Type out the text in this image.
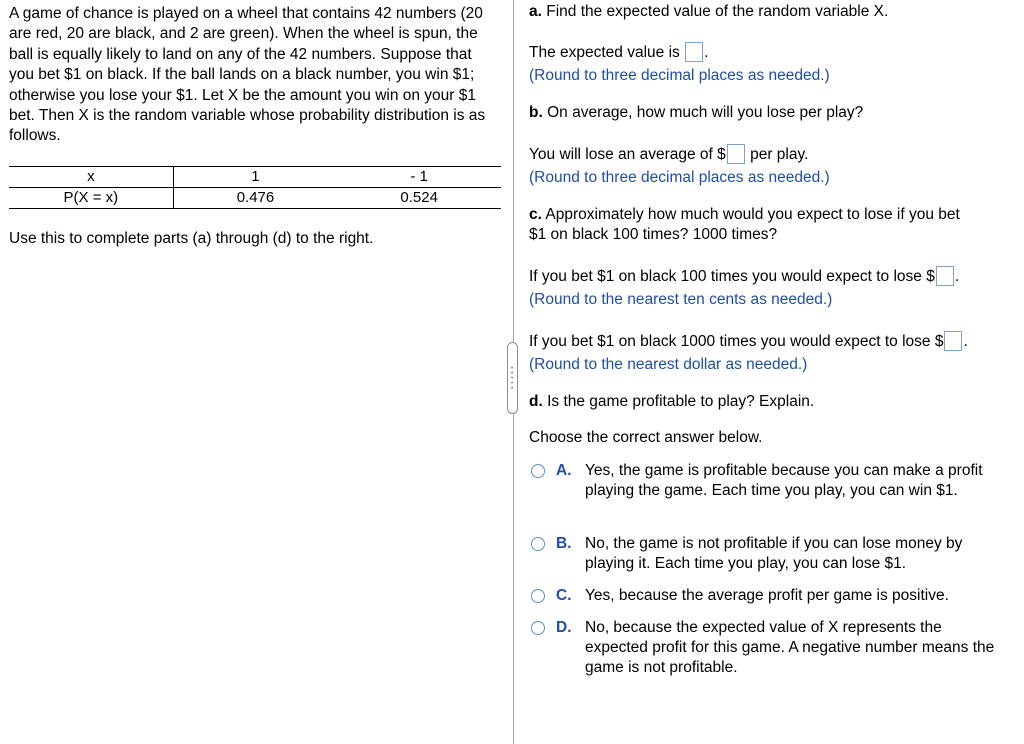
A game of chance is played on a wheel that contains 42 numbers (20 are red, 20 are black, and 2 are green). When the wheel is spun, the ball is equally likely to land on any of the 42 numbers. Suppose that you bet $1 on black. If the ball lands on a black number, you win $1; otherwise you lose your $1. Let X be the amount you win on your $1 bet. Then X is the random variable whose probability distribution is as follows.

x	1	- 1
P(X = x)	0.476	0.524
Use this to complete parts (a) through (d) to the right.
•
•
•
•
•
a. Find the expected value of the random variable X.
The expected value is .
(Round to three decimal places as needed.)
b. On average, how much will you lose per play?
You will lose an average of $ per play.
(Round to three decimal places as needed.)
c. Approximately how much would you expect to lose if you bet
$1 on black 100 times? 1000 times?
If you bet $1 on black 100 times you would expect to lose $ .
(Round to the nearest ten cents as needed.)
If you bet $1 on black 1000 times you would expect to lose $ .
(Round to the nearest dollar as needed.)
d. Is the game profitable to play? Explain.
Choose the correct answer below.
A. Yes, the game is profitable because you can make a profit playing the game. Each time you play, you can win $1.
B. No, the game is not profitable if you can lose money by playing it. Each time you play, you can lose $1.
C. Yes, because the average profit per game is positive.
D. No, because the expected value of X represents the expected profit for this game. A negative number means the game is not profitable.
